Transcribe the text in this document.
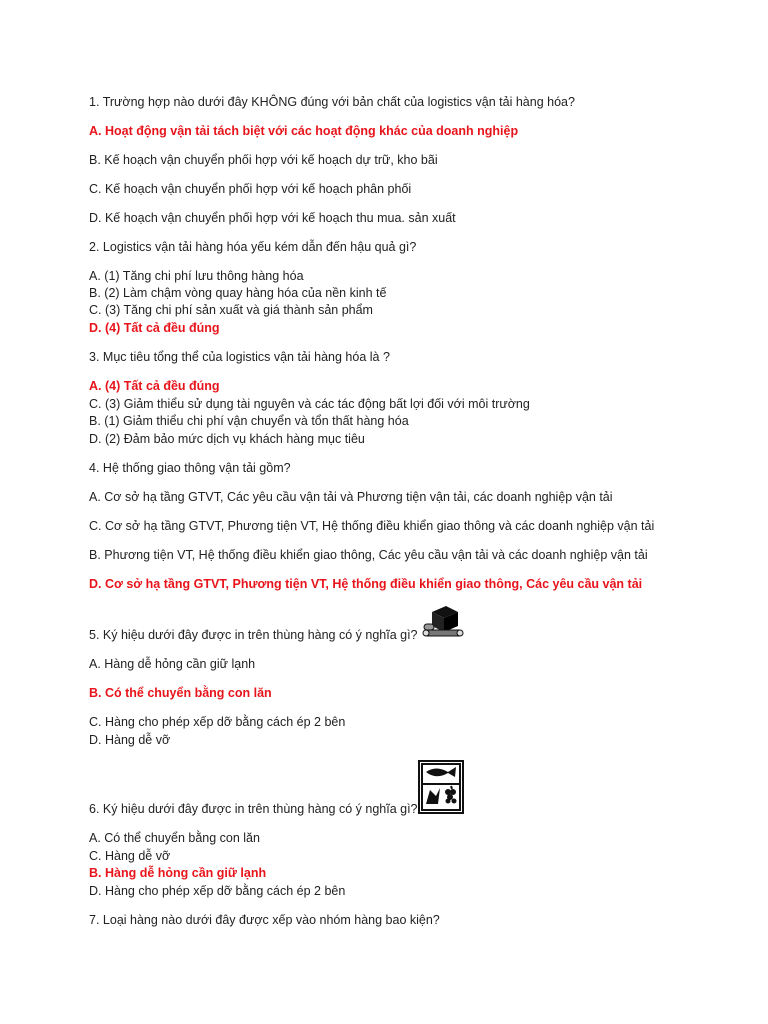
1. Trường hợp nào dưới đây KHÔNG đúng với bản chất của logistics vận tải hàng hóa?
A. Hoạt động vận tải tách biệt với các hoạt động khác của doanh nghiệp
B. Kế hoạch vận chuyển phối hợp với kế hoạch dự trữ, kho bãi
C. Kế hoạch vận chuyển phối hợp với kế hoạch phân phối
D. Kế hoạch vận chuyển phối hợp với kế hoạch thu mua. sản xuất
2. Logistics vận tải hàng hóa yếu kém dẫn đến hậu quả gì?
A. (1) Tăng chi phí lưu thông hàng hóa
B. (2) Làm chậm vòng quay hàng hóa của nền kinh tế
C. (3) Tăng chi phí sản xuất và giá thành sản phẩm
D. (4) Tất cả đều đúng
3. Mục tiêu tổng thể của logistics vận tải hàng hóa là ?
A. (4) Tất cả đều đúng
C. (3) Giảm thiểu sử dụng tài nguyên và các tác động bất lợi đối với môi trường
B. (1) Giảm thiểu chi phí vận chuyển và tổn thất hàng hóa
D. (2) Đảm bảo mức dịch vụ khách hàng mục tiêu
4. Hệ thống giao thông vận tải gồm?
A. Cơ sở hạ tầng GTVT, Các yêu cầu vận tải và Phương tiện vận tải, các doanh nghiệp vận tải
C. Cơ sở hạ tầng GTVT, Phương tiện VT, Hệ thống điều khiển giao thông và các doanh nghiệp vận tải
B. Phương tiện VT, Hệ thống điều khiển giao thông, Các yêu cầu vận tải và các doanh nghiệp vận tải
D. Cơ sở hạ tầng GTVT, Phương tiện VT, Hệ thống điều khiển giao thông, Các yêu cầu vận tải
5. Ký hiệu dưới đây được in trên thùng hàng có ý nghĩa gì?
A. Hàng dễ hỏng cần giữ lạnh
B. Có thể chuyển bằng con lăn
C. Hàng cho phép xếp dỡ bằng cách ép 2 bên
D. Hàng dễ vỡ
6. Ký hiệu dưới đây được in trên thùng hàng có ý nghĩa gì?
A. Có thể chuyển bằng con lăn
C. Hàng dễ vỡ
B. Hàng dễ hỏng cần giữ lạnh
D. Hàng cho phép xếp dỡ bằng cách ép 2 bên
7. Loại hàng nào dưới đây được xếp vào nhóm hàng bao kiện?
